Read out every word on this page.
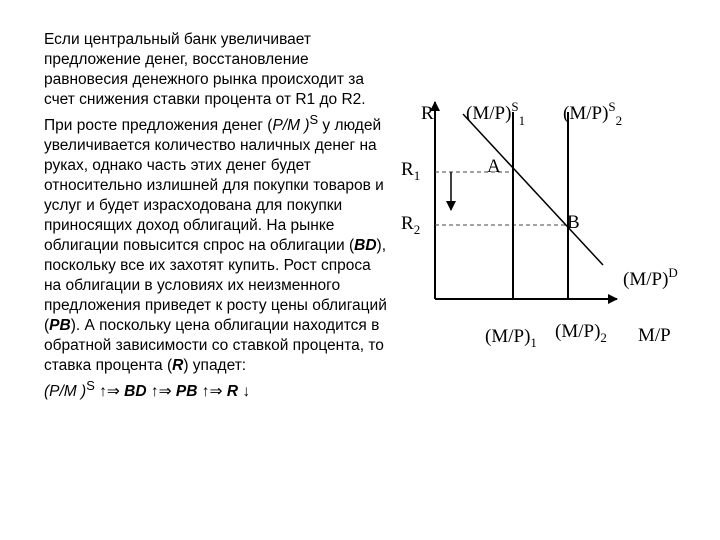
Если центральный банк увеличивает предложение денег, восстановление равновесия денежного рынка происходит за счет снижения ставки процента от R1 до R2.

При росте предложения денег (P/M )$^S$ у людей увеличивается количество наличных денег на руках, однако часть этих денег будет относительно излишней для покупки товаров и услуг и будет израсходована для покупки приносящих доход облигаций. На рынке облигации повысится спрос на облигации (BD), поскольку все их захотят купить. Рост спроса на облигации в условиях их неизменного предложения приведет к росту цены облигаций (PB). А поскольку цена облигации находится в обратной зависимости со ставкой процента, то ставка процента (R) упадет:

(P/M )$^S$ ↑⇒ BD ↑⇒ PB ↑⇒ R ↓

R $(M/P)^S_1$ $(M/P)^S_2$
$R_1$
$R_2$
A
B
$(M/P)^D$
$(M/P)_1$
$(M/P)_2$ M/P
